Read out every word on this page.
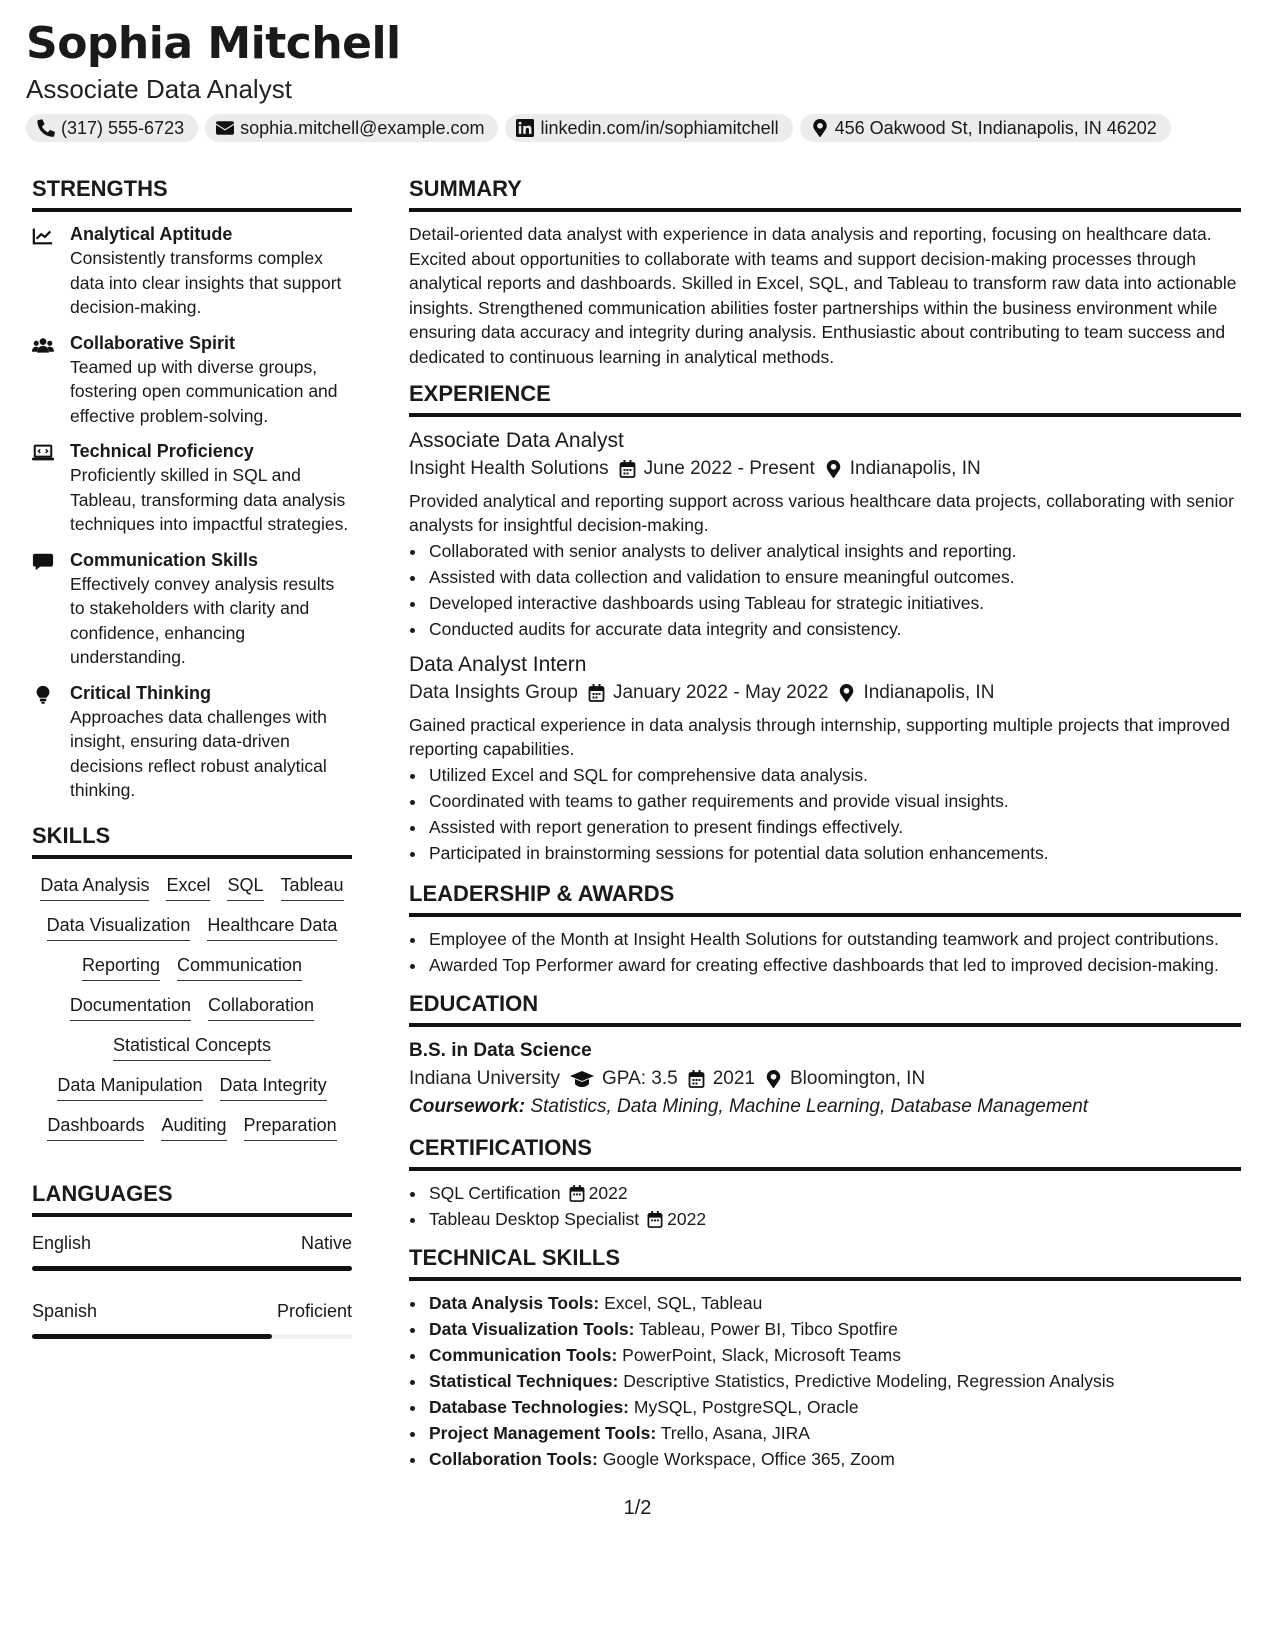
Sophia Mitchell
Associate Data Analyst
(317) 555-6723	sophia.mitchell@example.com	linkedin.com/in/sophiamitchell	456 Oakwood St, Indianapolis, IN 46202
STRENGTHS
Analytical Aptitude
Consistently transforms complex data into clear insights that support decision-making.
Collaborative Spirit
Teamed up with diverse groups, fostering open communication and effective problem-solving.
Technical Proficiency
Proficiently skilled in SQL and Tableau, transforming data analysis techniques into impactful strategies.
Communication Skills
Effectively convey analysis results to stakeholders with clarity and confidence, enhancing understanding.
Critical Thinking
Approaches data challenges with insight, ensuring data-driven decisions reflect robust analytical thinking.
SKILLS
Data Analysis Excel SQL Tableau
Data Visualization Healthcare Data
Reporting Communication
Documentation Collaboration
Statistical Concepts
Data Manipulation Data Integrity
Dashboards Auditing Preparation
LANGUAGES
English	Native
Spanish	Proficient
SUMMARY
Detail-oriented data analyst with experience in data analysis and reporting, focusing on healthcare data. Excited about opportunities to collaborate with teams and support decision-making processes through analytical reports and dashboards. Skilled in Excel, SQL, and Tableau to transform raw data into actionable insights. Strengthened communication abilities foster partnerships within the business environment while ensuring data accuracy and integrity during analysis. Enthusiastic about contributing to team success and dedicated to continuous learning in analytical methods.
EXPERIENCE
Associate Data Analyst
Insight Health Solutions June 2022 - Present Indianapolis, IN
Provided analytical and reporting support across various healthcare data projects, collaborating with senior analysts for insightful decision-making.
• Collaborated with senior analysts to deliver analytical insights and reporting.
• Assisted with data collection and validation to ensure meaningful outcomes.
• Developed interactive dashboards using Tableau for strategic initiatives.
• Conducted audits for accurate data integrity and consistency.
Data Analyst Intern
Data Insights Group January 2022 - May 2022 Indianapolis, IN
Gained practical experience in data analysis through internship, supporting multiple projects that improved reporting capabilities.
• Utilized Excel and SQL for comprehensive data analysis.
• Coordinated with teams to gather requirements and provide visual insights.
• Assisted with report generation to present findings effectively.
• Participated in brainstorming sessions for potential data solution enhancements.
LEADERSHIP & AWARDS
• Employee of the Month at Insight Health Solutions for outstanding teamwork and project contributions.
• Awarded Top Performer award for creating effective dashboards that led to improved decision-making.
EDUCATION
B.S. in Data Science
Indiana University GPA: 3.5 2021 Bloomington, IN
Coursework: Statistics, Data Mining, Machine Learning, Database Management
CERTIFICATIONS
• SQL Certification 2022
• Tableau Desktop Specialist 2022
TECHNICAL SKILLS
• Data Analysis Tools: Excel, SQL, Tableau
• Data Visualization Tools: Tableau, Power BI, Tibco Spotfire
• Communication Tools: PowerPoint, Slack, Microsoft Teams
• Statistical Techniques: Descriptive Statistics, Predictive Modeling, Regression Analysis
• Database Technologies: MySQL, PostgreSQL, Oracle
• Project Management Tools: Trello, Asana, JIRA
• Collaboration Tools: Google Workspace, Office 365, Zoom
1/2
